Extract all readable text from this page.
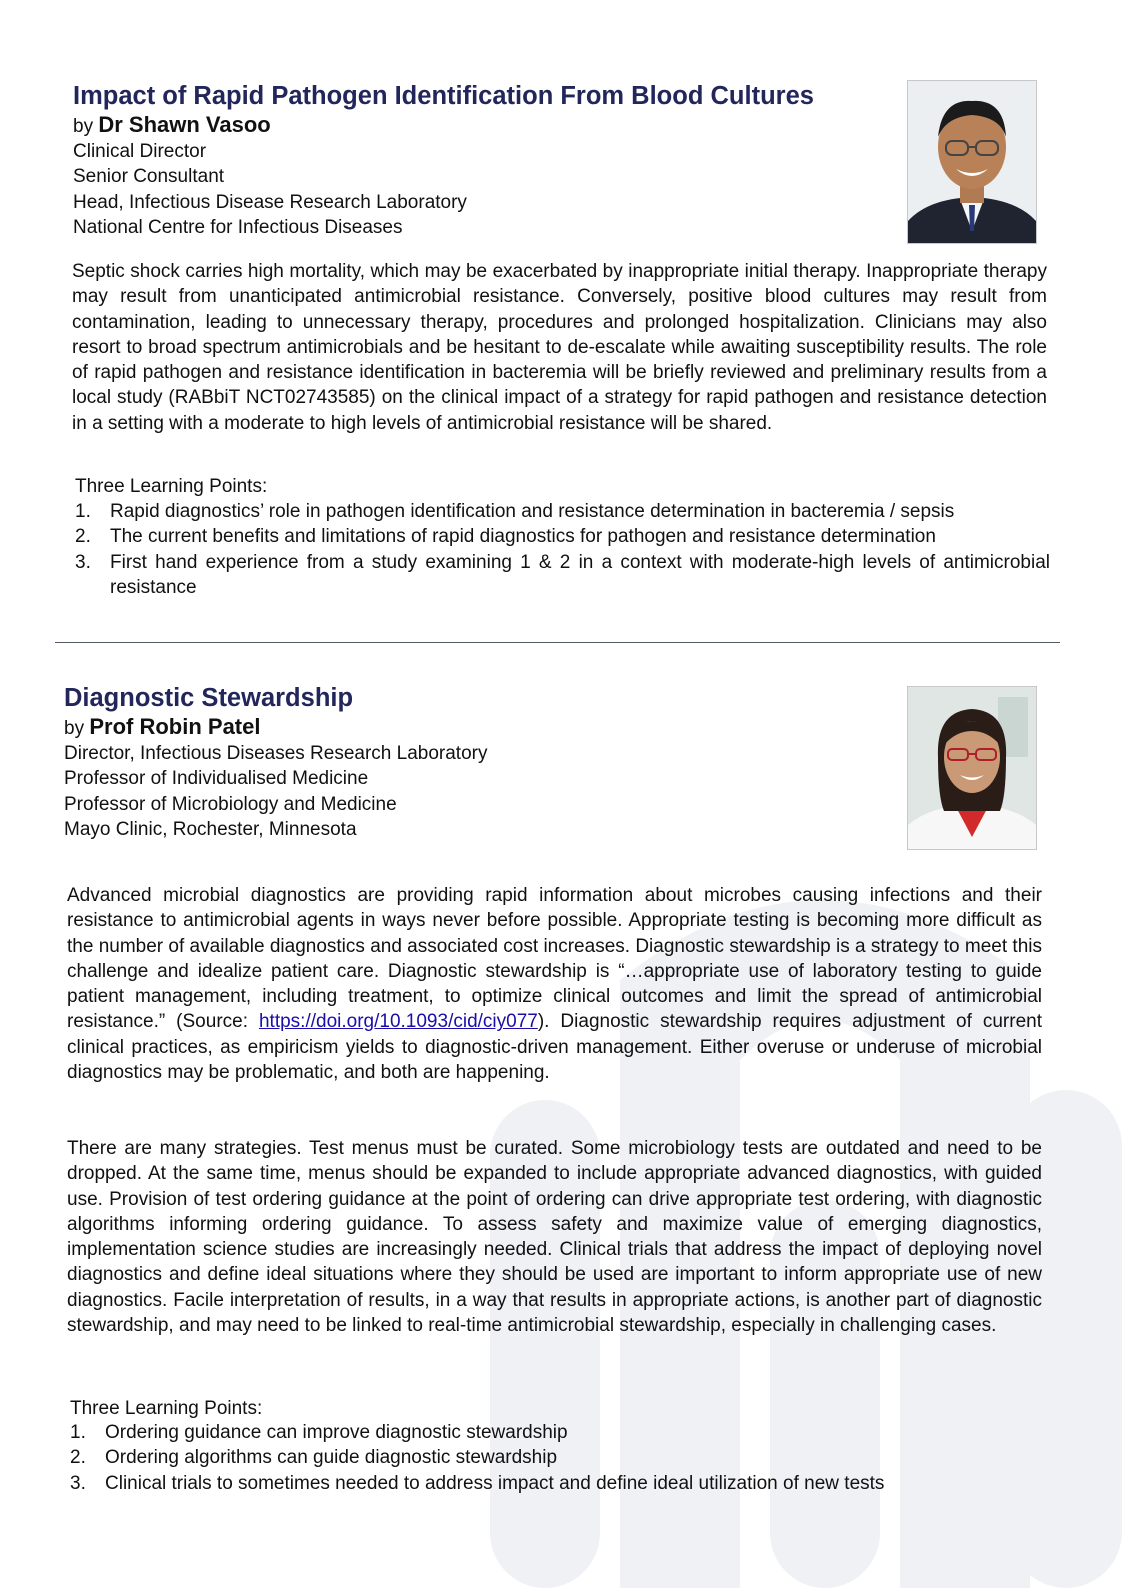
Impact of Rapid Pathogen Identification From Blood Cultures
by Dr Shawn Vasoo
Clinical Director
Senior Consultant
Head, Infectious Disease Research Laboratory
National Centre for Infectious Diseases
Septic shock carries high mortality, which may be exacerbated by inappropriate initial therapy. Inappropriate therapy may result from unanticipated antimicrobial resistance. Conversely, positive blood cultures may result from contamination, leading to unnecessary therapy, procedures and prolonged hospitalization. Clinicians may also resort to broad spectrum antimicrobials and be hesitant to de-escalate while awaiting susceptibility results. The role of rapid pathogen and resistance identification in bacteremia will be briefly reviewed and preliminary results from a local study (RABbiT NCT02743585) on the clinical impact of a strategy for rapid pathogen and resistance detection in a setting with a moderate to high levels of antimicrobial resistance will be shared.
Three Learning Points:
1. Rapid diagnostics’ role in pathogen identification and resistance determination in bacteremia / sepsis
2. The current benefits and limitations of rapid diagnostics for pathogen and resistance determination
3. First hand experience from a study examining 1 & 2 in a context with moderate-high levels of antimicrobial resistance
Diagnostic Stewardship
by Prof Robin Patel
Director, Infectious Diseases Research Laboratory
Professor of Individualised Medicine
Professor of Microbiology and Medicine
Mayo Clinic, Rochester, Minnesota
Advanced microbial diagnostics are providing rapid information about microbes causing infections and their resistance to antimicrobial agents in ways never before possible. Appropriate testing is becoming more difficult as the number of available diagnostics and associated cost increases. Diagnostic stewardship is a strategy to meet this challenge and idealize patient care. Diagnostic stewardship is “…appropriate use of laboratory testing to guide patient management, including treatment, to optimize clinical outcomes and limit the spread of antimicrobial resistance.” (Source: https://doi.org/10.1093/cid/ciy077). Diagnostic stewardship requires adjustment of current clinical practices, as empiricism yields to diagnostic-driven management. Either overuse or underuse of microbial diagnostics may be problematic, and both are happening.
There are many strategies. Test menus must be curated. Some microbiology tests are outdated and need to be dropped. At the same time, menus should be expanded to include appropriate advanced diagnostics, with guided use. Provision of test ordering guidance at the point of ordering can drive appropriate test ordering, with diagnostic algorithms informing ordering guidance. To assess safety and maximize value of emerging diagnostics, implementation science studies are increasingly needed. Clinical trials that address the impact of deploying novel diagnostics and define ideal situations where they should be used are important to inform appropriate use of new diagnostics. Facile interpretation of results, in a way that results in appropriate actions, is another part of diagnostic stewardship, and may need to be linked to real-time antimicrobial stewardship, especially in challenging cases.
Three Learning Points:
1. Ordering guidance can improve diagnostic stewardship
2. Ordering algorithms can guide diagnostic stewardship
3. Clinical trials to sometimes needed to address impact and define ideal utilization of new tests
